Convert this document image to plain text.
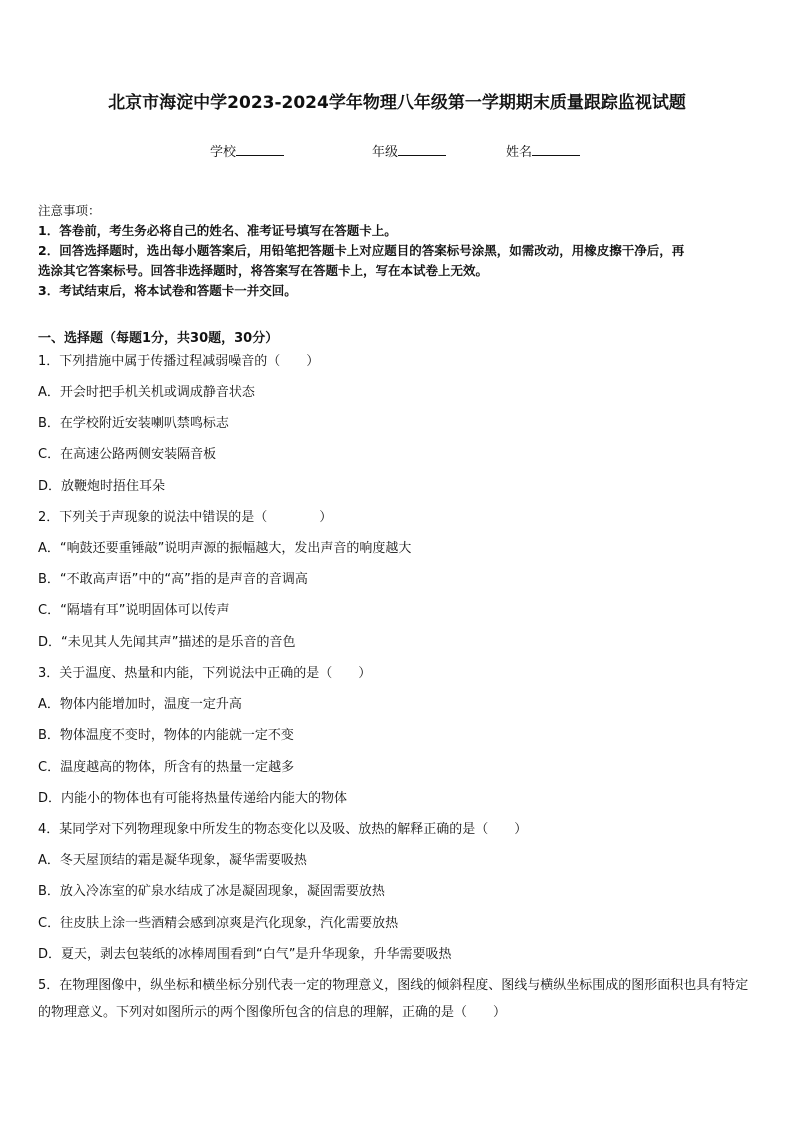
北京市海淀中学2023-2024学年物理八年级第一学期期末质量跟踪监视试题
学校	年级	姓名
注意事项：
1．答卷前，考生务必将自己的姓名、准考证号填写在答题卡上。
2．回答选择题时，选出每小题答案后，用铅笔把答题卡上对应题目的答案标号涂黑，如需改动，用橡皮擦干净后，再
选涂其它答案标号。回答非选择题时，将答案写在答题卡上，写在本试卷上无效。
3．考试结束后，将本试卷和答题卡一并交回。
一、选择题（每题1分，共30题，30分）
1．下列措施中属于传播过程减弱噪音的（　　）
A．开会时把手机关机或调成静音状态
B．在学校附近安装喇叭禁鸣标志
C．在高速公路两侧安装隔音板
D．放鞭炮时捂住耳朵
2．下列关于声现象的说法中错误的是（　　　　）
A．“响鼓还要重锤敲”说明声源的振幅越大，发出声音的响度越大
B．“不敢高声语”中的“高”指的是声音的音调高
C．“隔墙有耳”说明固体可以传声
D．“未见其人先闻其声”描述的是乐音的音色
3．关于温度、热量和内能，下列说法中正确的是（　　）
A．物体内能增加时，温度一定升高
B．物体温度不变时，物体的内能就一定不变
C．温度越高的物体，所含有的热量一定越多
D．内能小的物体也有可能将热量传递给内能大的物体
4．某同学对下列物理现象中所发生的物态变化以及吸、放热的解释正确的是（　　）
A．冬天屋顶结的霜是凝华现象，凝华需要吸热
B．放入冷冻室的矿泉水结成了冰是凝固现象，凝固需要放热
C．往皮肤上涂一些酒精会感到凉爽是汽化现象，汽化需要放热
D．夏天，剥去包装纸的冰棒周围看到“白气”是升华现象，升华需要吸热
5．在物理图像中，纵坐标和横坐标分别代表一定的物理意义，图线的倾斜程度、图线与横纵坐标围成的图形面积也具有特定的物理意义。下列对如图所示的两个图像所包含的信息的理解，正确的是（　　）
